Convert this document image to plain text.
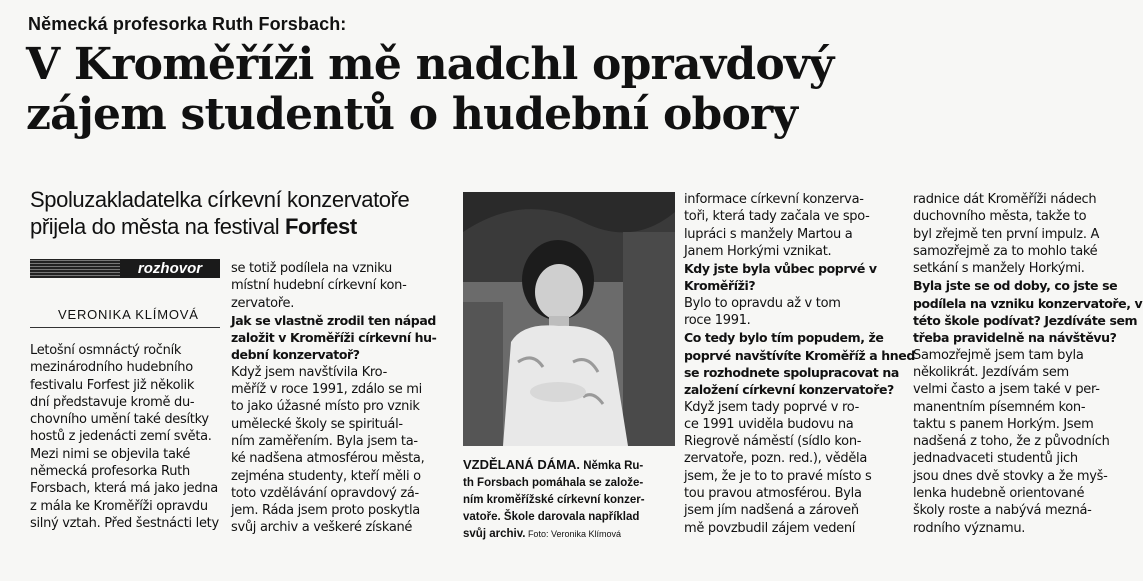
Německá profesorka Ruth Forsbach:
V Kroměříži mě nadchl opravdový
zájem studentů o hudební obory
Spoluzakladatelka církevní konzervatoře
přijela do města na festival Forfest
rozhovor
VERONIKA KLÍMOVÁ
Letošní osmnáctý ročník
mezinárodního hudebního
festivalu Forfest již několik
dní představuje kromě du-
chovního umění také desítky
hostů z jedenácti zemí světa.
Mezi nimi se objevila také
německá profesorka Ruth
Forsbach, která má jako jedna
z mála ke Kroměříži opravdu
silný vztah. Před šestnácti lety
se totiž podílela na vzniku
místní hudební církevní kon-
zervatoře.
Jak se vlastně zrodil ten nápad
založit v Kroměříži církevní hu-
dební konzervatoř?
Když jsem navštívila Kro-
měříž v roce 1991, zdálo se mi
to jako úžasné místo pro vznik
umělecké školy se spirituál-
ním zaměřením. Byla jsem ta-
ké nadšena atmosférou města,
zejména studenty, kteří měli o
toto vzdělávání opravdový zá-
jem. Ráda jsem proto poskytla
svůj archiv a veškeré získané
informace církevní konzerva-
toři, která tady začala ve spo-
lupráci s manžely Martou a
Janem Horkými vznikat.
Kdy jste byla vůbec poprvé v
Kroměříži?
Bylo to opravdu až v tom
roce 1991.
Co tedy bylo tím popudem, že
poprvé navštívíte Kroměříž a hned
se rozhodnete spolupracovat na
založení církevní konzervatoře?
Když jsem tady poprvé v ro-
ce 1991 uviděla budovu na
Riegrově náměstí (sídlo kon-
zervatoře, pozn. red.), věděla
jsem, že je to to pravé místo s
tou pravou atmosférou. Byla
jsem jím nadšená a zároveň
mě povzbudil zájem vedení
radnice dát Kroměříži nádech
duchovního města, takže to
byl zřejmě ten první impulz. A
samozřejmě za to mohlo také
setkání s manžely Horkými.
Byla jste se od doby, co jste se
podílela na vzniku konzervatoře, v
této škole podívat? Jezdíváte sem
třeba pravidelně na návštěvu?
Samozřejmě jsem tam byla
několikrát. Jezdívám sem
velmi často a jsem také v per-
manentním písemném kon-
taktu s panem Horkým. Jsem
nadšená z toho, že z původních
jednadvaceti studentů jich
jsou dnes dvě stovky a že myš-
lenka hudebně orientované
školy roste a nabývá mezná-
rodního významu.
VZDĚLANÁ DÁMA. Němka Ru-
th Forsbach pomáhala se založe-
ním kroměřížské církevní konzer-
vatoře. Škole darovala například
svůj archiv. Foto: Veronika Klímová
